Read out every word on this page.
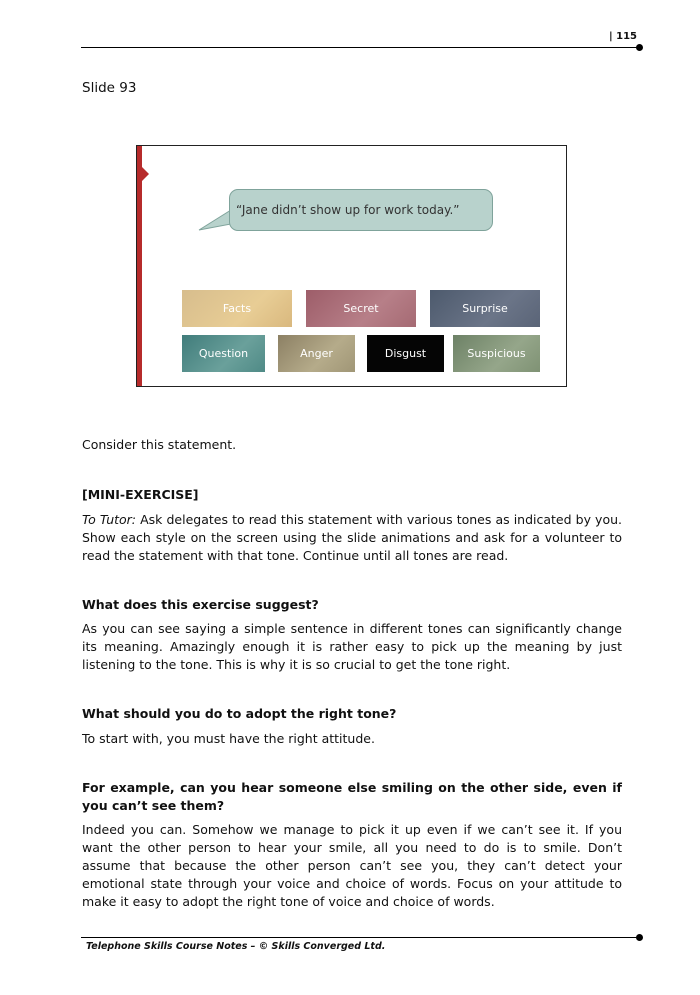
| 115
Slide 93
“Jane didn’t show up for work today.”
Facts	Secret	Surprise
Question	Anger	Disgust	Suspicious
Consider this statement.
[MINI-EXERCISE]
To Tutor: Ask delegates to read this statement with various tones as indicated by you. Show each style on the screen using the slide animations and ask for a volunteer to read the statement with that tone. Continue until all tones are read.
What does this exercise suggest?
As you can see saying a simple sentence in different tones can significantly change its meaning. Amazingly enough it is rather easy to pick up the meaning by just listening to the tone. This is why it is so crucial to get the tone right.
What should you do to adopt the right tone?
To start with, you must have the right attitude.
For example, can you hear someone else smiling on the other side, even if you can’t see them?
Indeed you can. Somehow we manage to pick it up even if we can’t see it. If you want the other person to hear your smile, all you need to do is to smile. Don’t assume that because the other person can’t see you, they can’t detect your emotional state through your voice and choice of words. Focus on your attitude to make it easy to adopt the right tone of voice and choice of words.
Telephone Skills Course Notes – © Skills Converged Ltd.
